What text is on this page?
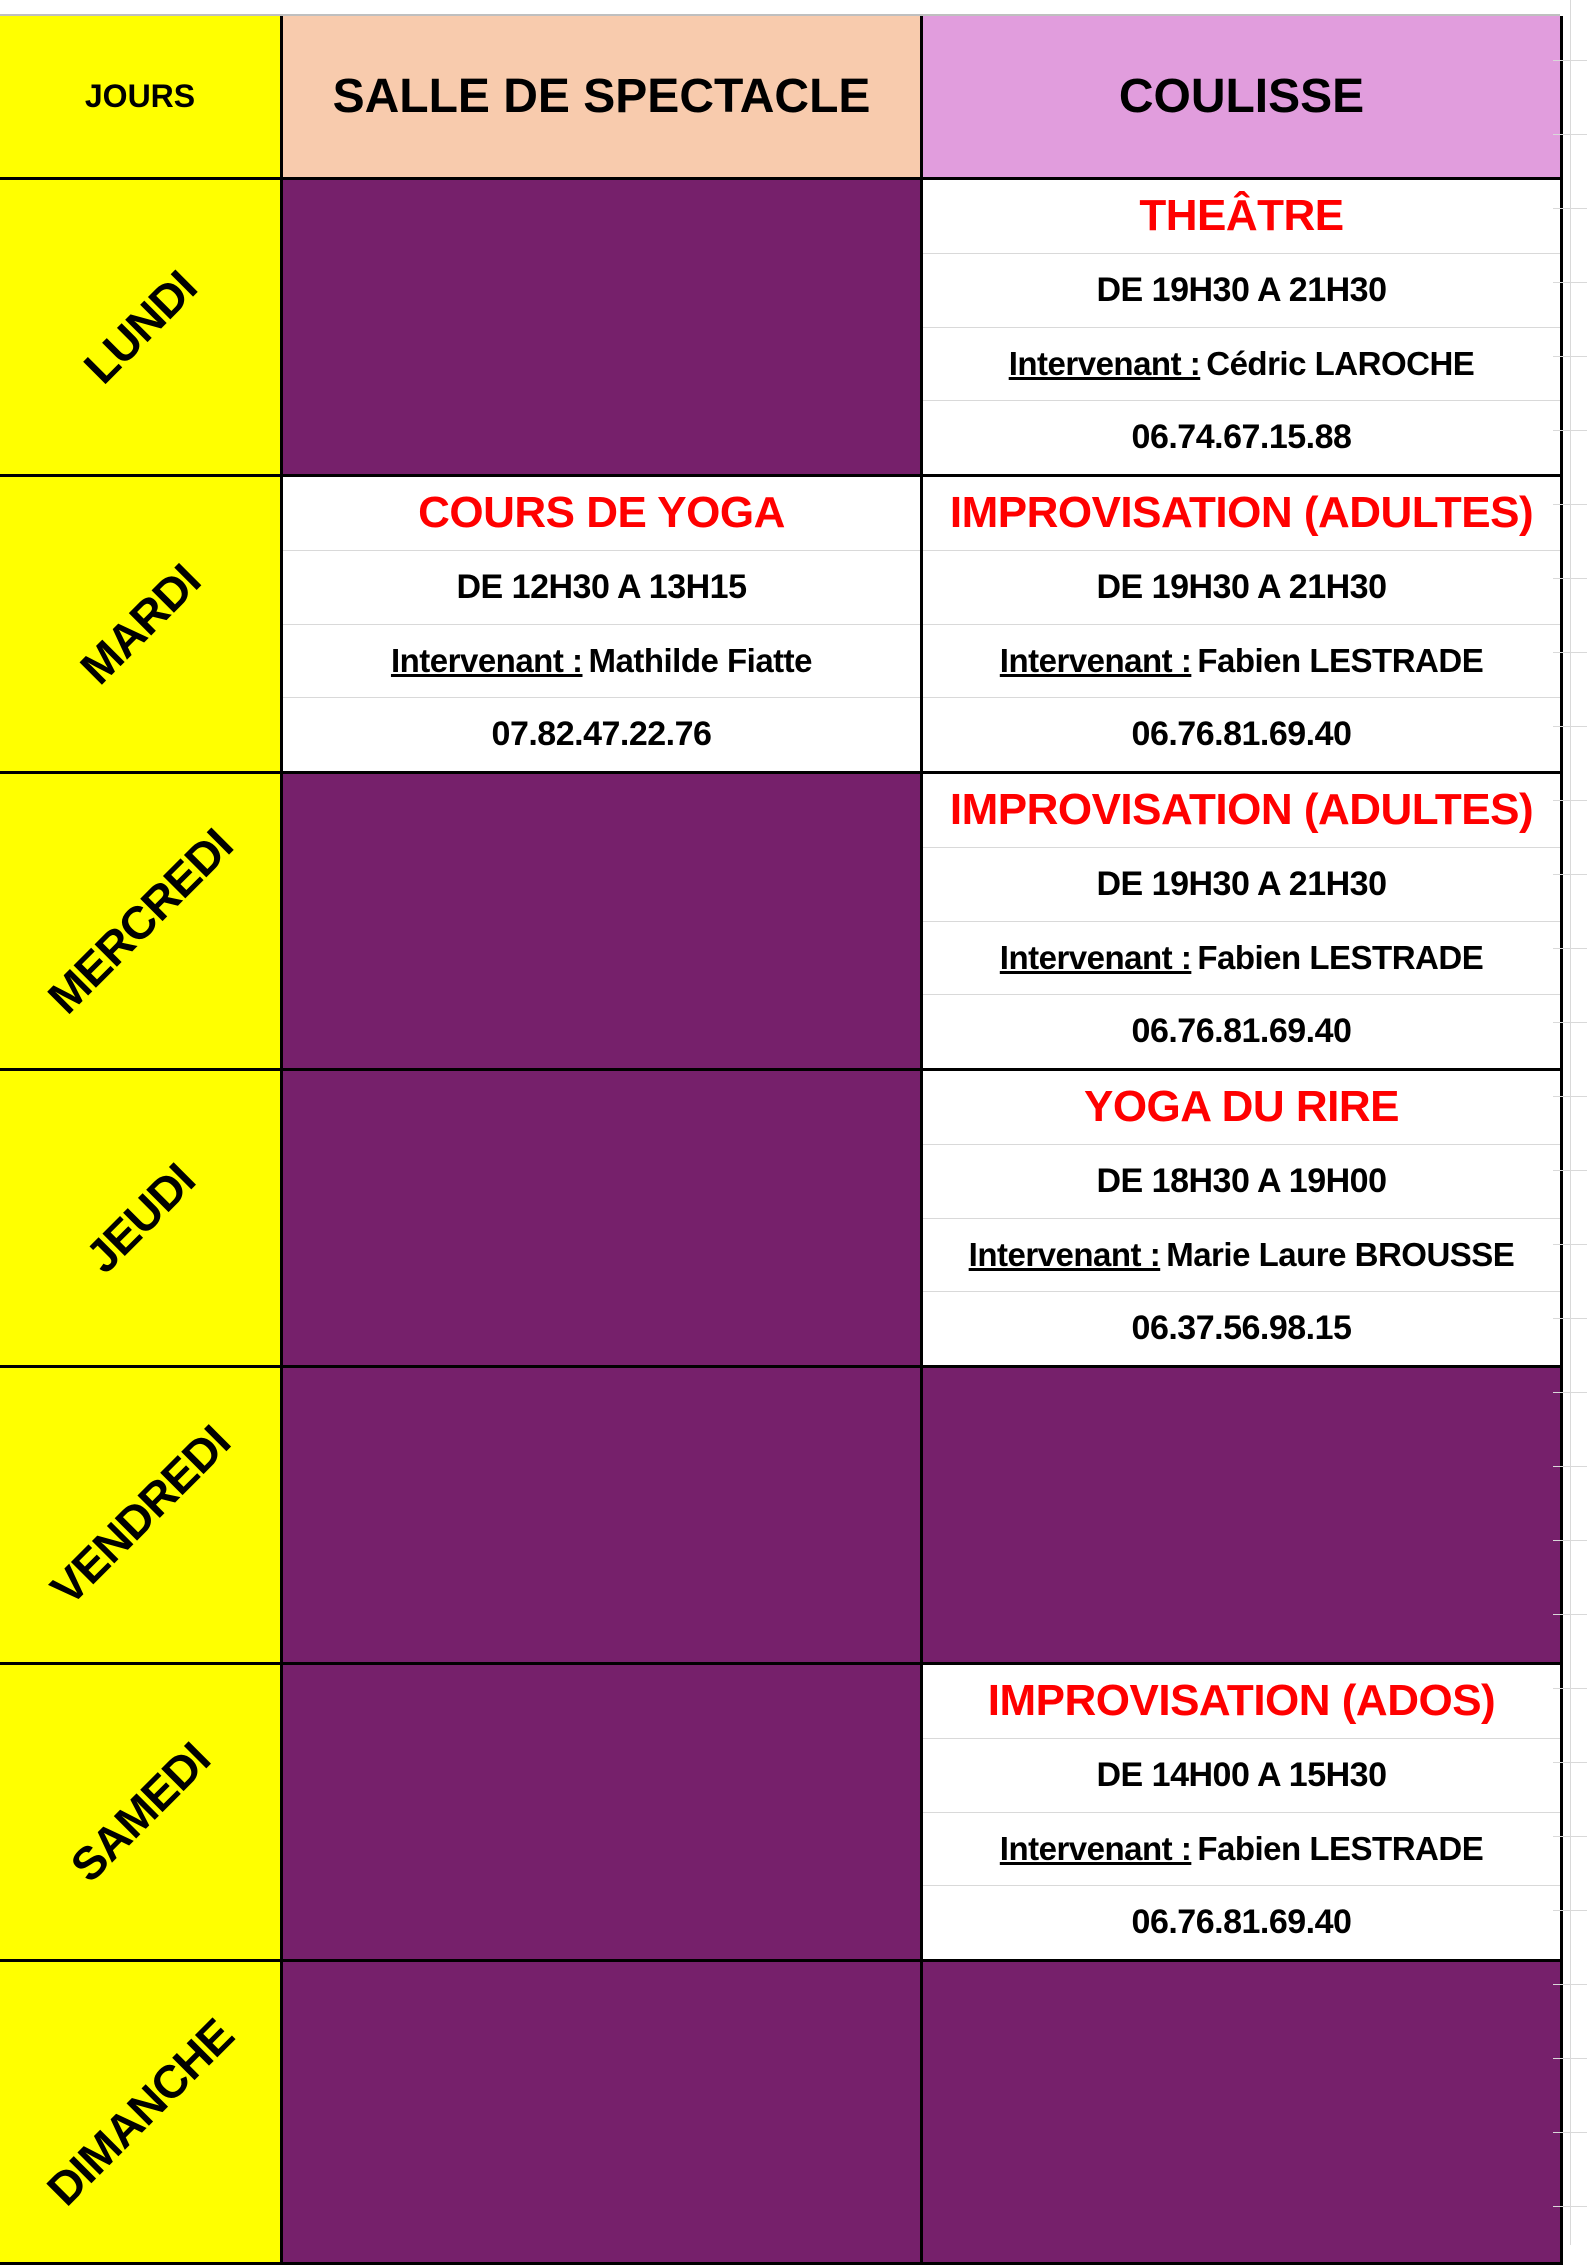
JOURS	SALLE DE SPECTACLE	COULISSE
LUNDI
THEÂTRE
DE 19H30 A 21H30
Intervenant : Cédric LAROCHE
06.74.67.15.88
MARDI
COURS DE YOGA
DE 12H30 A 13H15
Intervenant : Mathilde Fiatte
07.82.47.22.76
IMPROVISATION (ADULTES)
DE 19H30 A 21H30
Intervenant : Fabien LESTRADE
06.76.81.69.40
MERCREDI
IMPROVISATION (ADULTES)
DE 19H30 A 21H30
Intervenant : Fabien LESTRADE
06.76.81.69.40
JEUDI
YOGA DU RIRE
DE 18H30 A 19H00
Intervenant : Marie Laure BROUSSE
06.37.56.98.15
VENDREDI
SAMEDI
IMPROVISATION (ADOS)
DE 14H00 A 15H30
Intervenant : Fabien LESTRADE
06.76.81.69.40
DIMANCHE
